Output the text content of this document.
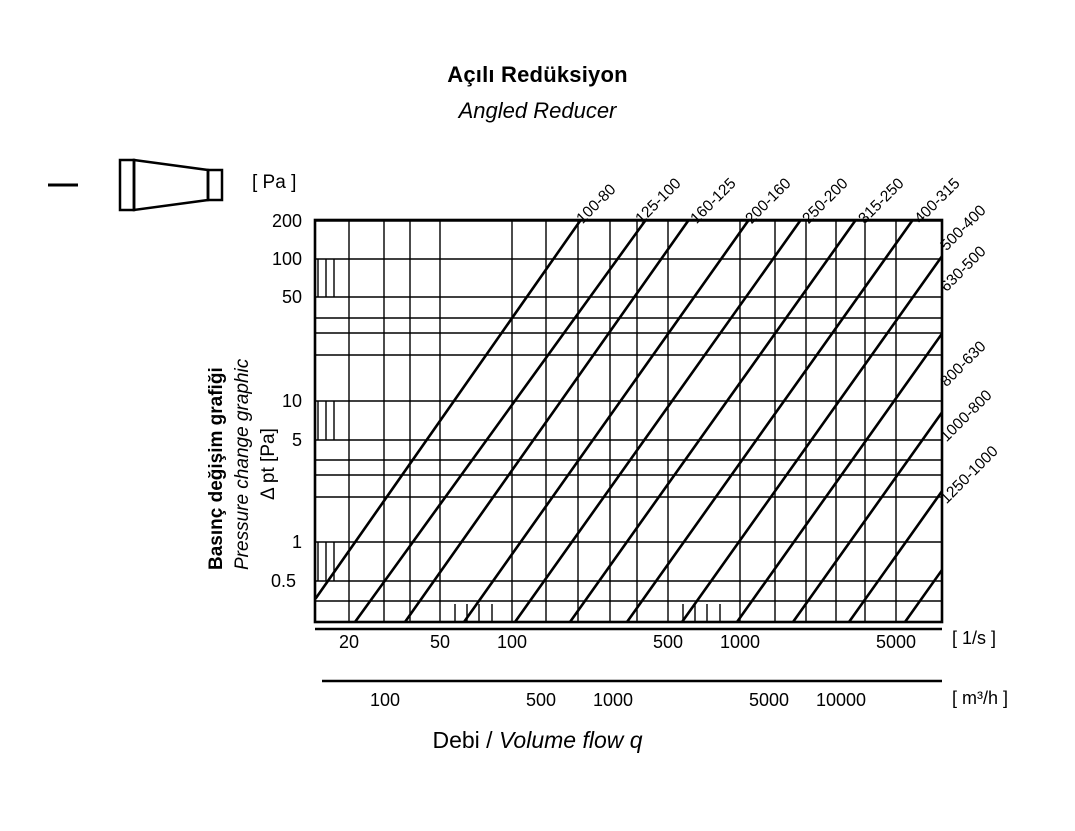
Açılı Redüksiyon
Angled Reducer
[ Pa ]
Basınç değişim grafiği Pressure change graphic Δ pt [Pa]
200
100
50
10
5
1
0.5
20	50	100	500	1000	5000
100	500	1000	5000	10000
[ 1/s ]
[ m³/h ]
Debi / Volume flow q
100-80 125-100 160-125 200-160 250-200 315-250 400-315
500-400
630-500
800-630
1000-800
1250-1000
